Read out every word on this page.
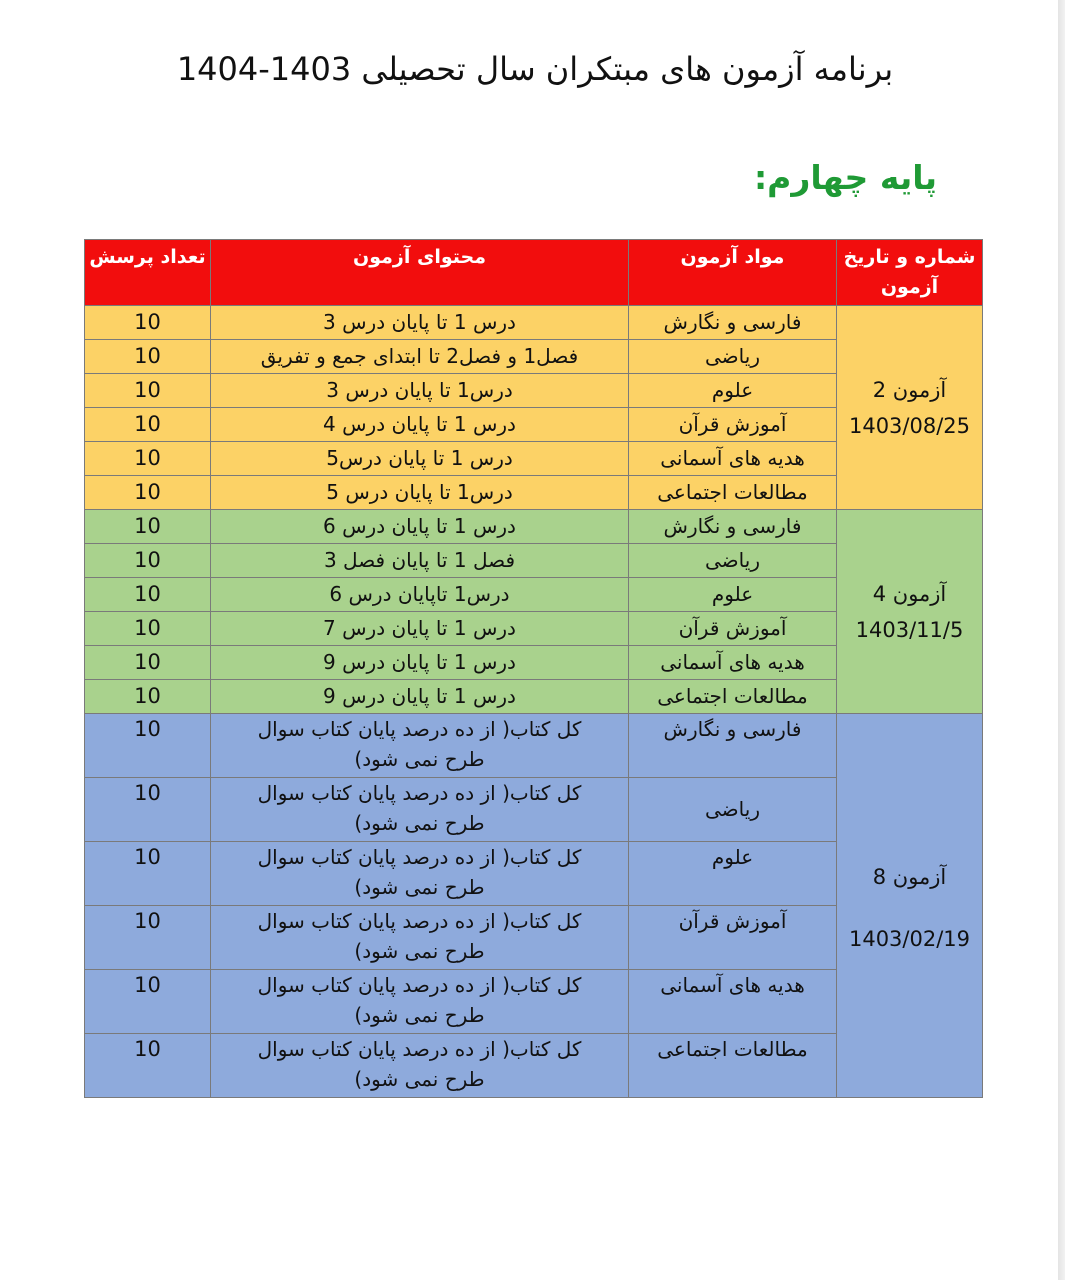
برنامه آزمون های مبتکران سال تحصیلی 1403-1404
پایه چهارم:
شماره و تاریخ آزمون	مواد آزمون	محتوای آزمون	تعداد پرسش

آزمون 2
1403/08/25	فارسی و نگارش	درس 1 تا پایان درس 3	10
	ریاضی	فصل1 و فصل2 تا ابتدای جمع و تفریق	10
	علوم	درس1 تا پایان درس 3	10
	آموزش قرآن	درس 1 تا پایان درس 4	10
	هدیه های آسمانی	درس 1 تا پایان درس5	10
	مطالعات اجتماعی	درس1 تا پایان درس 5	10

آزمون 4
1403/11/5	فارسی و نگارش	درس 1 تا پایان درس 6	10
	ریاضی	فصل 1 تا پایان فصل 3	10
	علوم	درس1 تاپایان درس 6	10
	آموزش قرآن	درس 1 تا پایان درس 7	10
	هدیه های آسمانی	درس 1 تا پایان درس 9	10
	مطالعات اجتماعی	درس 1 تا پایان درس 9	10

آزمون 8
1403/02/19	فارسی و نگارش	کل کتاب( از ده درصد پایان کتاب سوال طرح نمی شود)	10
	ریاضی	کل کتاب( از ده درصد پایان کتاب سوال طرح نمی شود)	10
	علوم	کل کتاب( از ده درصد پایان کتاب سوال طرح نمی شود)	10
	آموزش قرآن	کل کتاب( از ده درصد پایان کتاب سوال طرح نمی شود)	10
	هدیه های آسمانی	کل کتاب( از ده درصد پایان کتاب سوال طرح نمی شود)	10
	مطالعات اجتماعی	کل کتاب( از ده درصد پایان کتاب سوال طرح نمی شود)	10
